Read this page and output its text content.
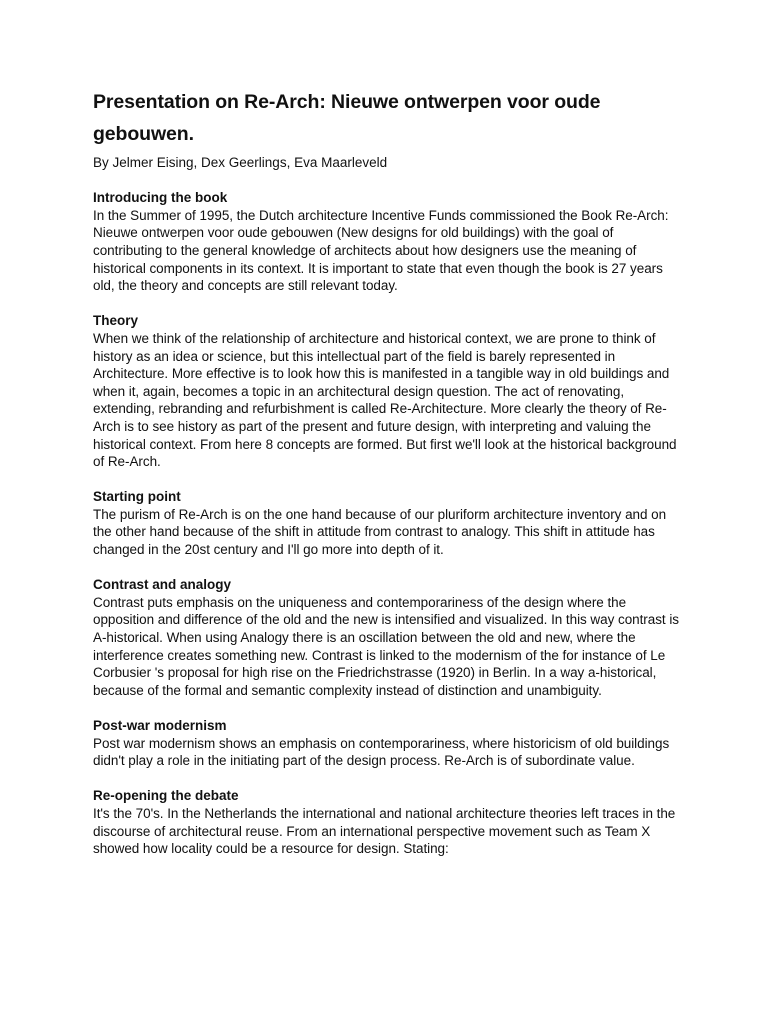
Presentation on Re-Arch: Nieuwe ontwerpen voor oude gebouwen.

By Jelmer Eising, Dex Geerlings, Eva Maarleveld

Introducing the book

In the Summer of 1995, the Dutch architecture Incentive Funds commissioned the Book Re-Arch: Nieuwe ontwerpen voor oude gebouwen (New designs for old buildings) with the goal of contributing to the general knowledge of architects about how designers use the meaning of historical components in its context. It is important to state that even though the book is 27 years old, the theory and concepts are still relevant today.

Theory

When we think of the relationship of architecture and historical context, we are prone to think of history as an idea or science, but this intellectual part of the field is barely represented in Architecture. More effective is to look how this is manifested in a tangible way in old buildings and when it, again, becomes a topic in an architectural design question. The act of renovating, extending, rebranding and refurbishment is called Re-Architecture. More clearly the theory of Re-Arch is to see history as part of the present and future design, with interpreting and valuing the historical context. From here 8 concepts are formed. But first we'll look at the historical background of Re-Arch.

Starting point

The purism of Re-Arch is on the one hand because of our pluriform architecture inventory and on the other hand because of the shift in attitude from contrast to analogy. This shift in attitude has changed in the 20st century and I'll go more into depth of it.

Contrast and analogy

Contrast puts emphasis on the uniqueness and contemporariness of the design where the opposition and difference of the old and the new is intensified and visualized. In this way contrast is A-historical. When using Analogy there is an oscillation between the old and new, where the interference creates something new. Contrast is linked to the modernism of the for instance of Le Corbusier 's proposal for high rise on the Friedrichstrasse (1920) in Berlin. In a way a-historical, because of the formal and semantic complexity instead of distinction and unambiguity.

Post-war modernism

Post war modernism shows an emphasis on contemporariness, where historicism of old buildings didn't play a role in the initiating part of the design process. Re-Arch is of subordinate value.

Re-opening the debate

It's the 70's. In the Netherlands the international and national architecture theories left traces in the discourse of architectural reuse. From an international perspective movement such as Team X showed how locality could be a resource for design. Stating:
